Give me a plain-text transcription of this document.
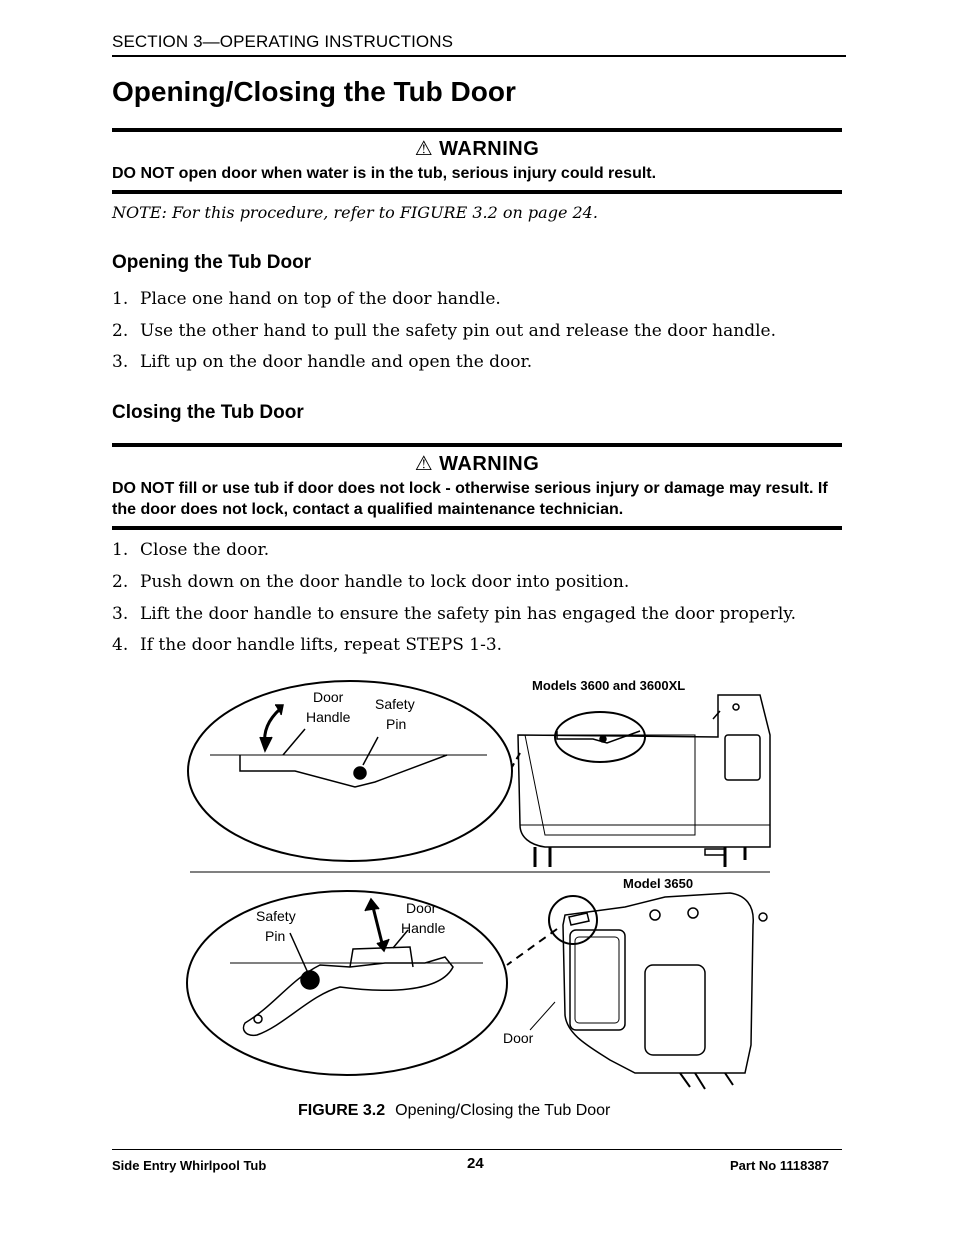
SECTION 3—OPERATING INSTRUCTIONS
Opening/Closing the Tub Door
⚠ WARNING
DO NOT open door when water is in the tub, serious injury could result.
NOTE: For this procedure, refer to FIGURE 3.2 on page 24.
Opening the Tub Door
1. Place one hand on top of the door handle.
2. Use the other hand to pull the safety pin out and release the door handle.
3. Lift up on the door handle and open the door.
Closing the Tub Door
⚠ WARNING
DO NOT fill or use tub if door does not lock - otherwise serious injury or damage may result. If the door does not lock, contact a qualified maintenance technician.
1. Close the door.
2. Push down on the door handle to lock door into position.
3. Lift the door handle to ensure the safety pin has engaged the door properly.
4. If the door handle lifts, repeat STEPS 1-3.
Models 3600 and 3600XL
Door
Handle
Safety
Pin
Model 3650
Safety
Pin
Door
Handle
Door
FIGURE 3.2 Opening/Closing the Tub Door
Side Entry Whirlpool Tub	24	Part No 1118387
